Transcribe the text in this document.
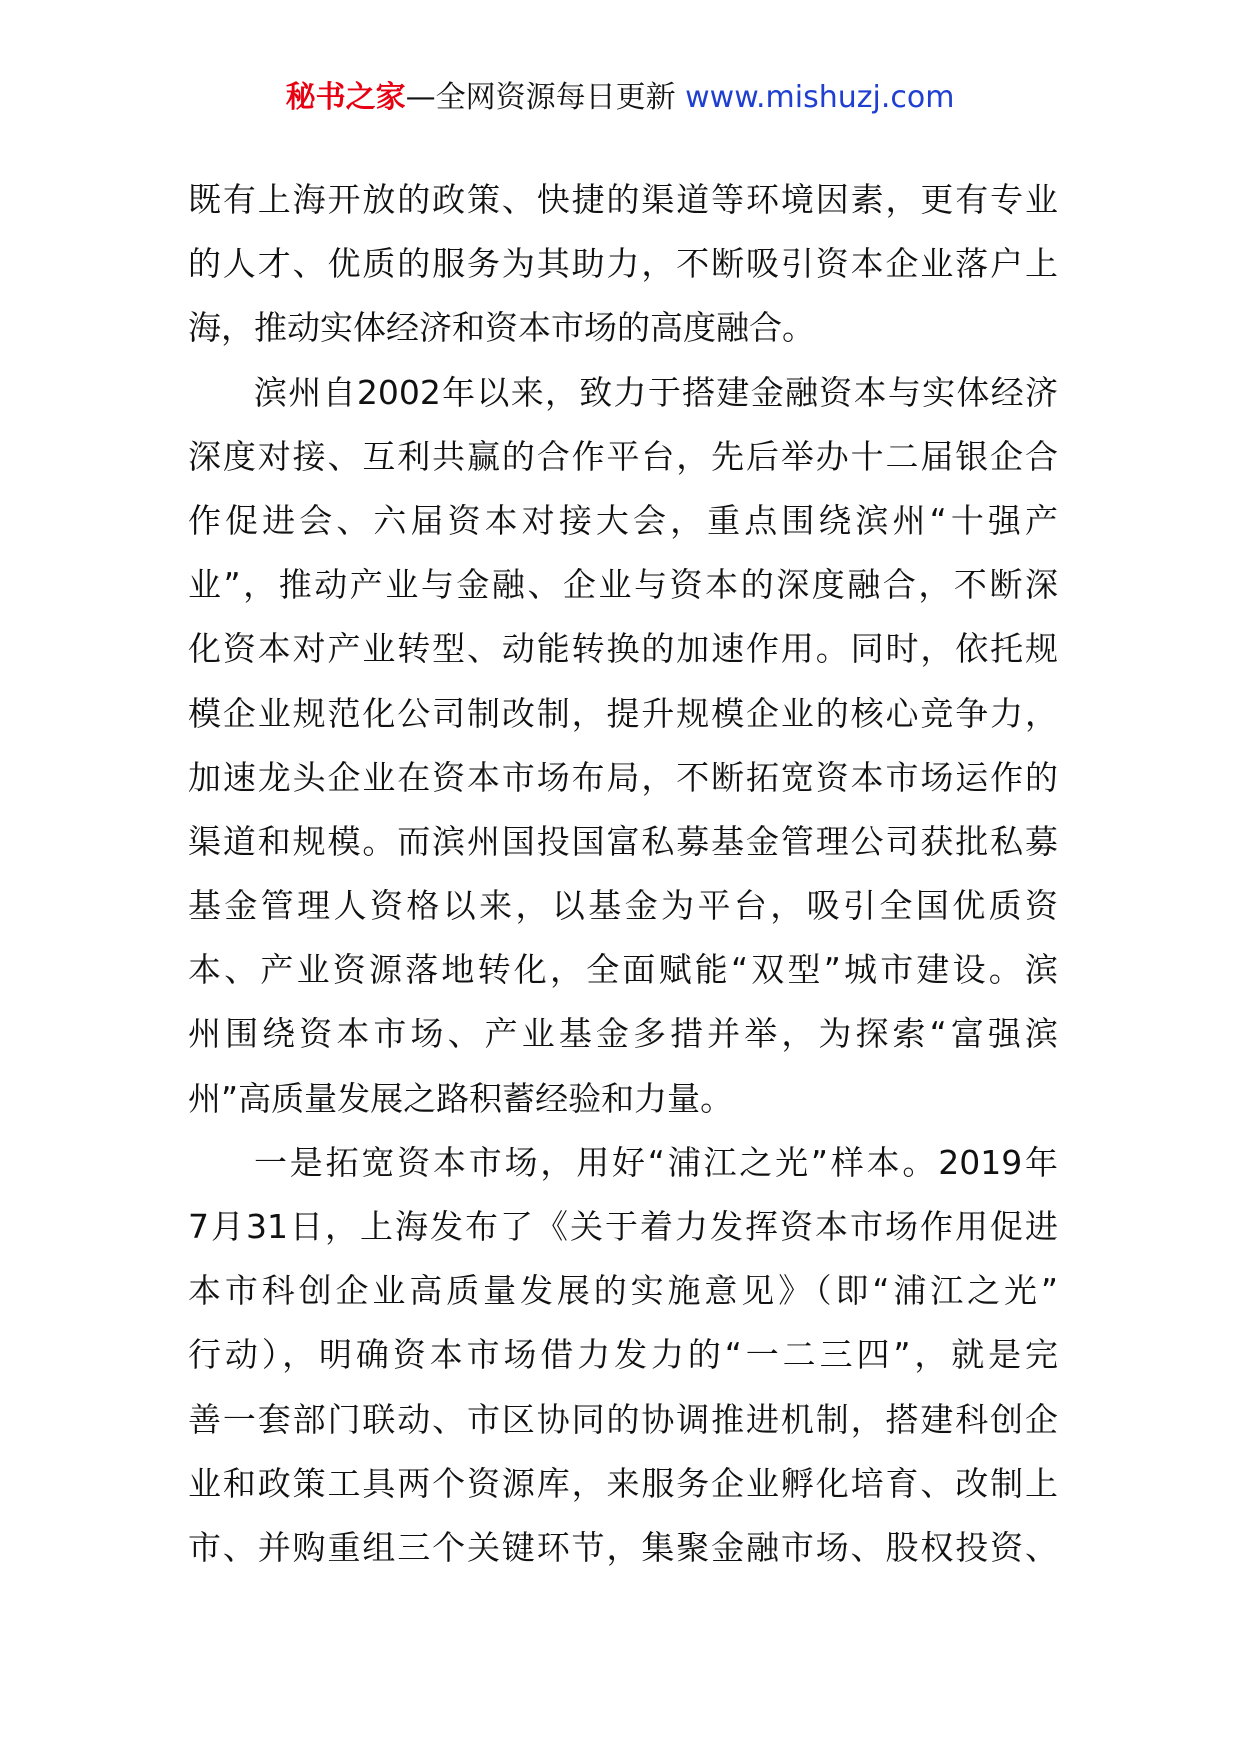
秘书之家—全网资源每日更新 www.mishuzj.com
既有上海开放的政策、快捷的渠道等环境因素，更有专业
的人才、优质的服务为其助力，不断吸引资本企业落户上
海，推动实体经济和资本市场的高度融合。
滨州自2002年以来，致力于搭建金融资本与实体经济
深度对接、互利共赢的合作平台，先后举办十二届银企合
作促进会、六届资本对接大会，重点围绕滨州“十强产
业”，推动产业与金融、企业与资本的深度融合，不断深
化资本对产业转型、动能转换的加速作用。同时，依托规
模企业规范化公司制改制，提升规模企业的核心竞争力，
加速龙头企业在资本市场布局，不断拓宽资本市场运作的
渠道和规模。而滨州国投国富私募基金管理公司获批私募
基金管理人资格以来，以基金为平台，吸引全国优质资
本、产业资源落地转化，全面赋能“双型”城市建设。滨
州围绕资本市场、产业基金多措并举，为探索“富强滨
州”高质量发展之路积蓄经验和力量。
一是拓宽资本市场，用好“浦江之光”样本。2019年
7月31日，上海发布了《关于着力发挥资本市场作用促进
本市科创企业高质量发展的实施意见》（即“浦江之光”
行动），明确资本市场借力发力的“一二三四”，就是完
善一套部门联动、市区协同的协调推进机制，搭建科创企
业和政策工具两个资源库，来服务企业孵化培育、改制上
市、并购重组三个关键环节，集聚金融市场、股权投资、
